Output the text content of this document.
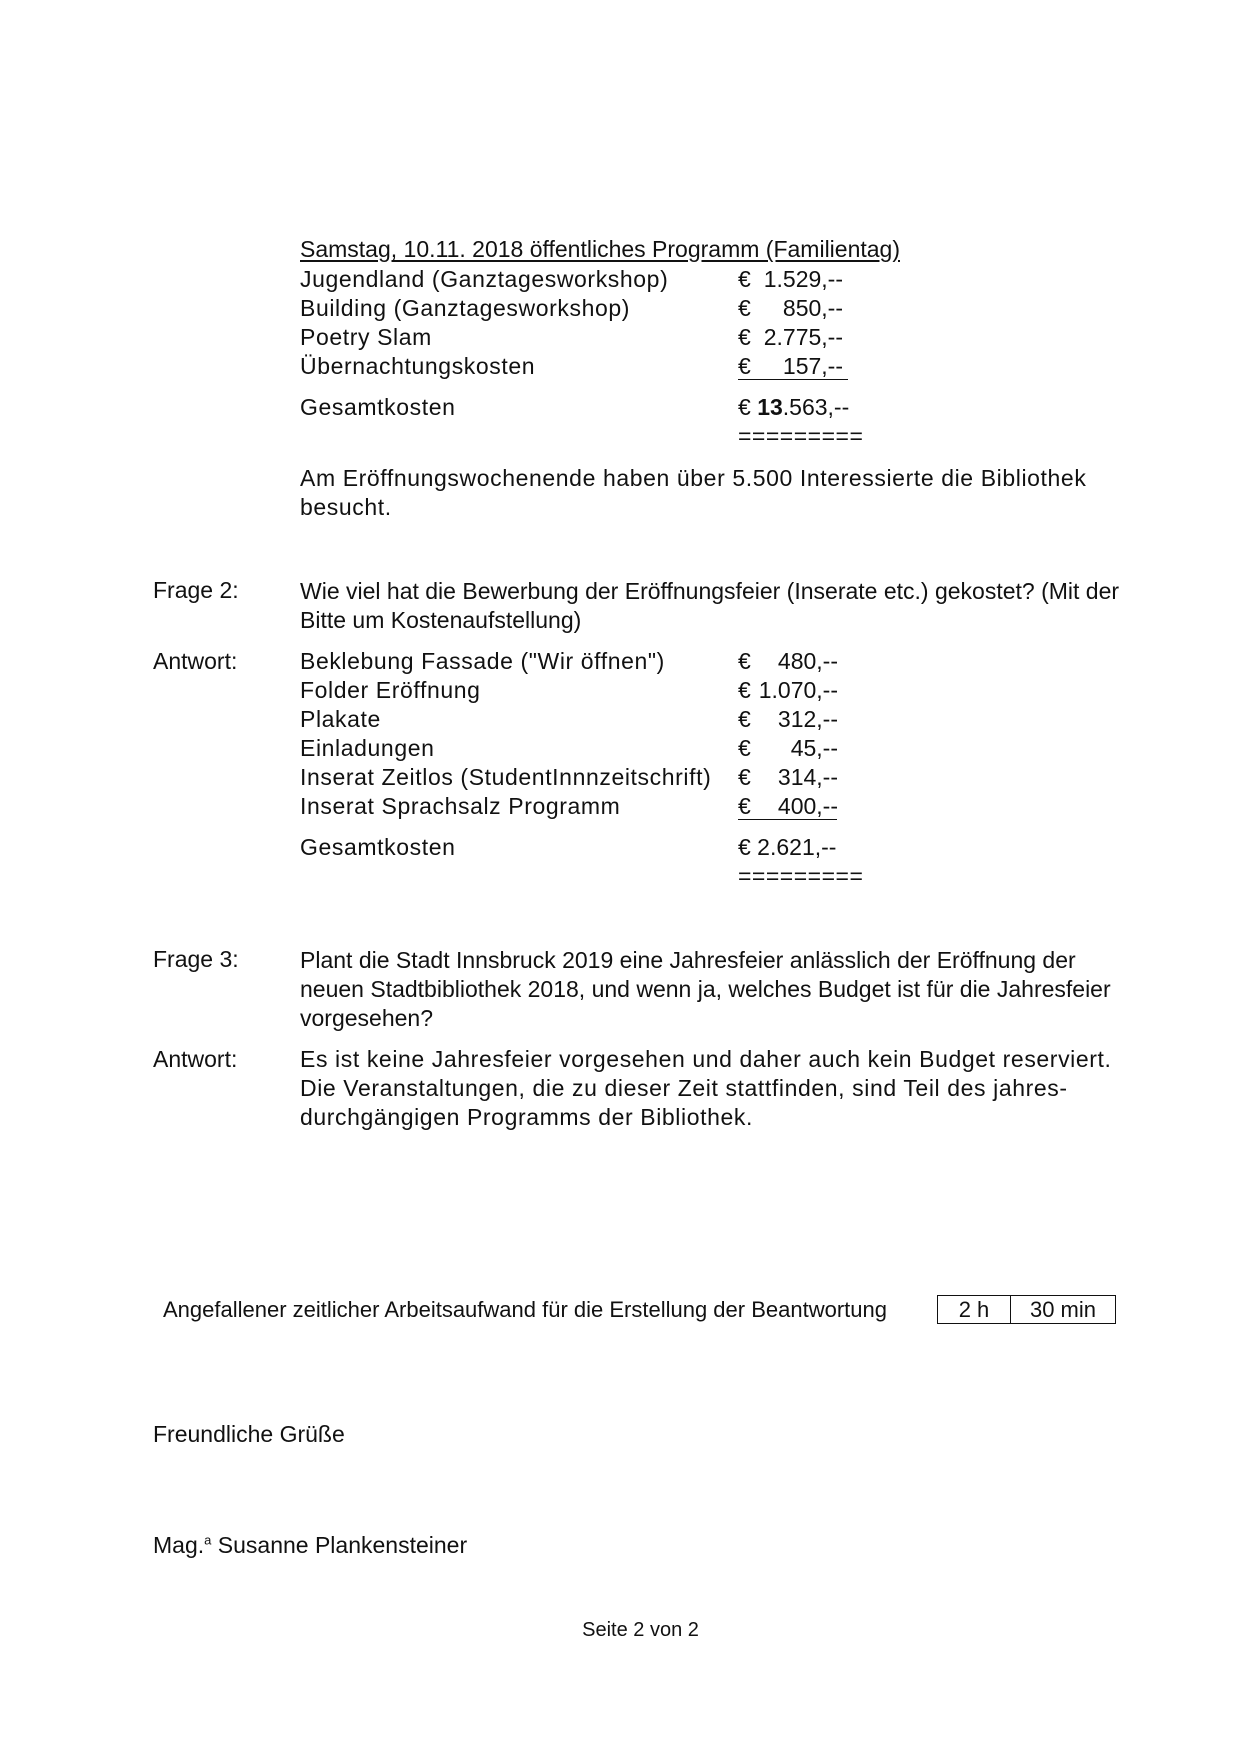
Samstag, 10.11. 2018 öffentliches Programm (Familientag)
Jugendland (Ganztagesworkshop)	€ 1.529,--
Building (Ganztagesworkshop)	€	850,--
Poetry Slam	€ 2.775,--
Übernachtungskosten	€	157,--
Gesamtkosten	€ 13.563,--
=========
Am Eröffnungswochenende haben über 5.500 Interessierte die Bibliothek besucht.
Frage 2:	Wie viel hat die Bewerbung der Eröffnungsfeier (Inserate etc.) gekostet? (Mit der Bitte um Kostenaufstellung)
Antwort:	Beklebung Fassade ("Wir öffnen")	€	480,--
Folder Eröffnung	€ 1.070,--
Plakate	€	312,--
Einladungen	€	45,--
Inserat Zeitlos (StudentInnnzeitschrift) €	314,--
Inserat Sprachsalz Programm	€	400,--
Gesamtkosten	€ 2.621,--
=========
Frage 3:	Plant die Stadt Innsbruck 2019 eine Jahresfeier anlässlich der Eröffnung der neuen Stadtbibliothek 2018, und wenn ja, welches Budget ist für die Jahresfeier vorgesehen?
Antwort:	Es ist keine Jahresfeier vorgesehen und daher auch kein Budget reserviert.
Die Veranstaltungen, die zu dieser Zeit stattfinden, sind Teil des jahres-
durchgängigen Programms der Bibliothek.
Angefallener zeitlicher Arbeitsaufwand für die Erstellung der Beantwortung	2 h	30 min
Freundliche Grüße
Mag.$^a$ Susanne Plankensteiner
Seite 2 von 2
